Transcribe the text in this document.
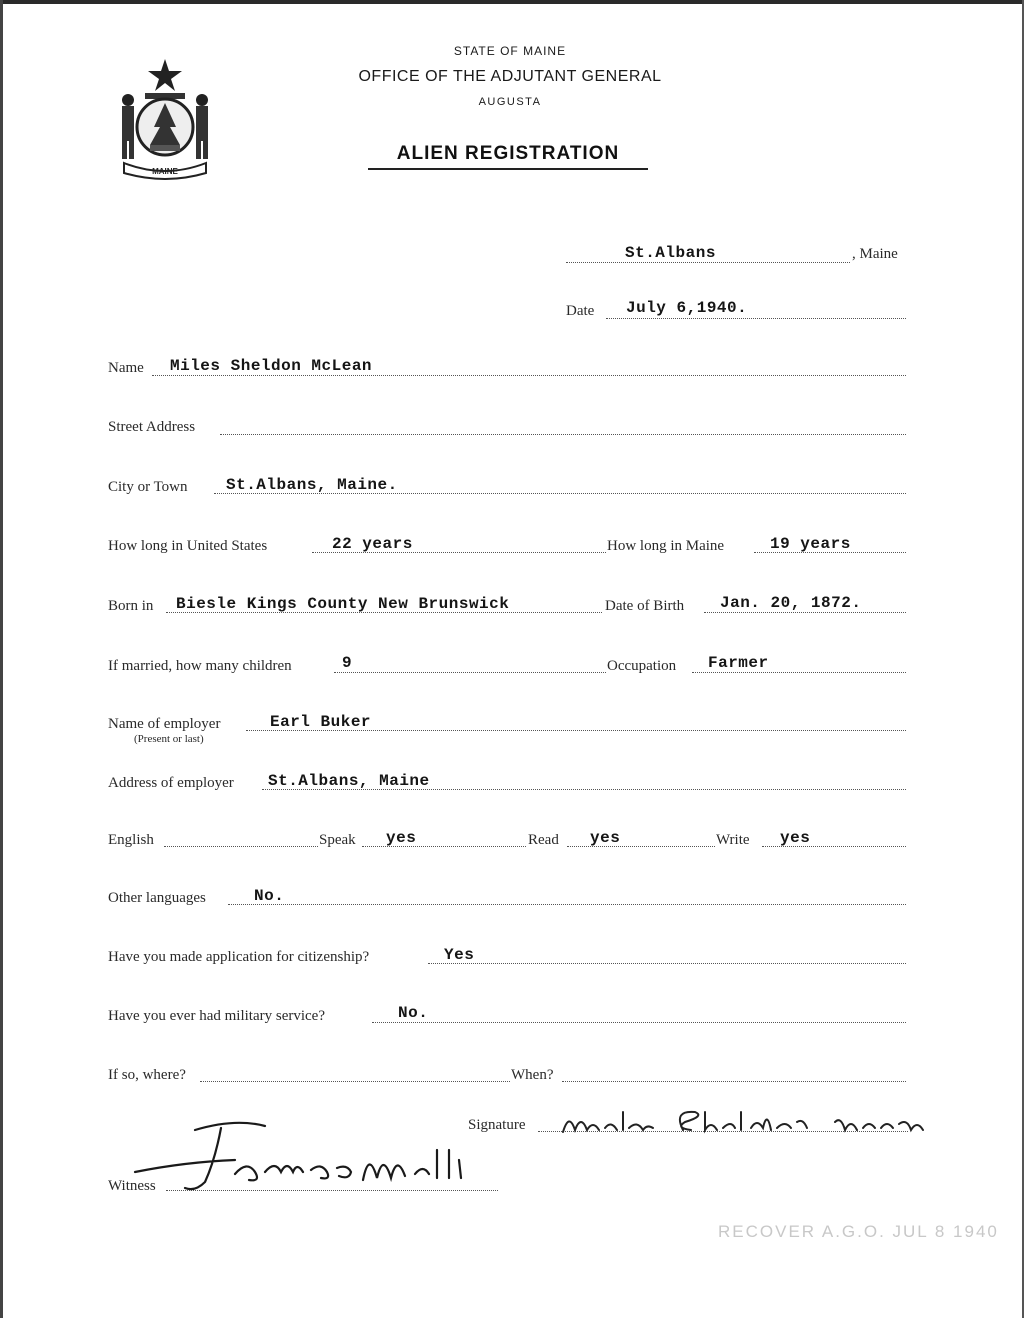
MAINE
STATE OF MAINE
OFFICE OF THE ADJUTANT GENERAL
AUGUSTA
ALIEN REGISTRATION
St.Albans	, Maine
Date July 6,1940.
Name Miles Sheldon McLean
Street Address
City or Town St.Albans, Maine.
How long in United States	22 years	How long in Maine	19 years
Born in Biesle Kings County New Brunswick	Date of Birth Jan. 20, 1872.
If married, how many children	9	Occupation Farmer
Name of employer
(Present or last)
Earl Buker
Address of employer St.Albans, Maine
English	Speak yes	Read yes	Write yes
Other languages	No.
Have you made application for citizenship?	Yes
Have you ever had military service?	No.
If so, where?	When?
Signature
Witness
RECOVER A.G.O. JUL 8 1940
